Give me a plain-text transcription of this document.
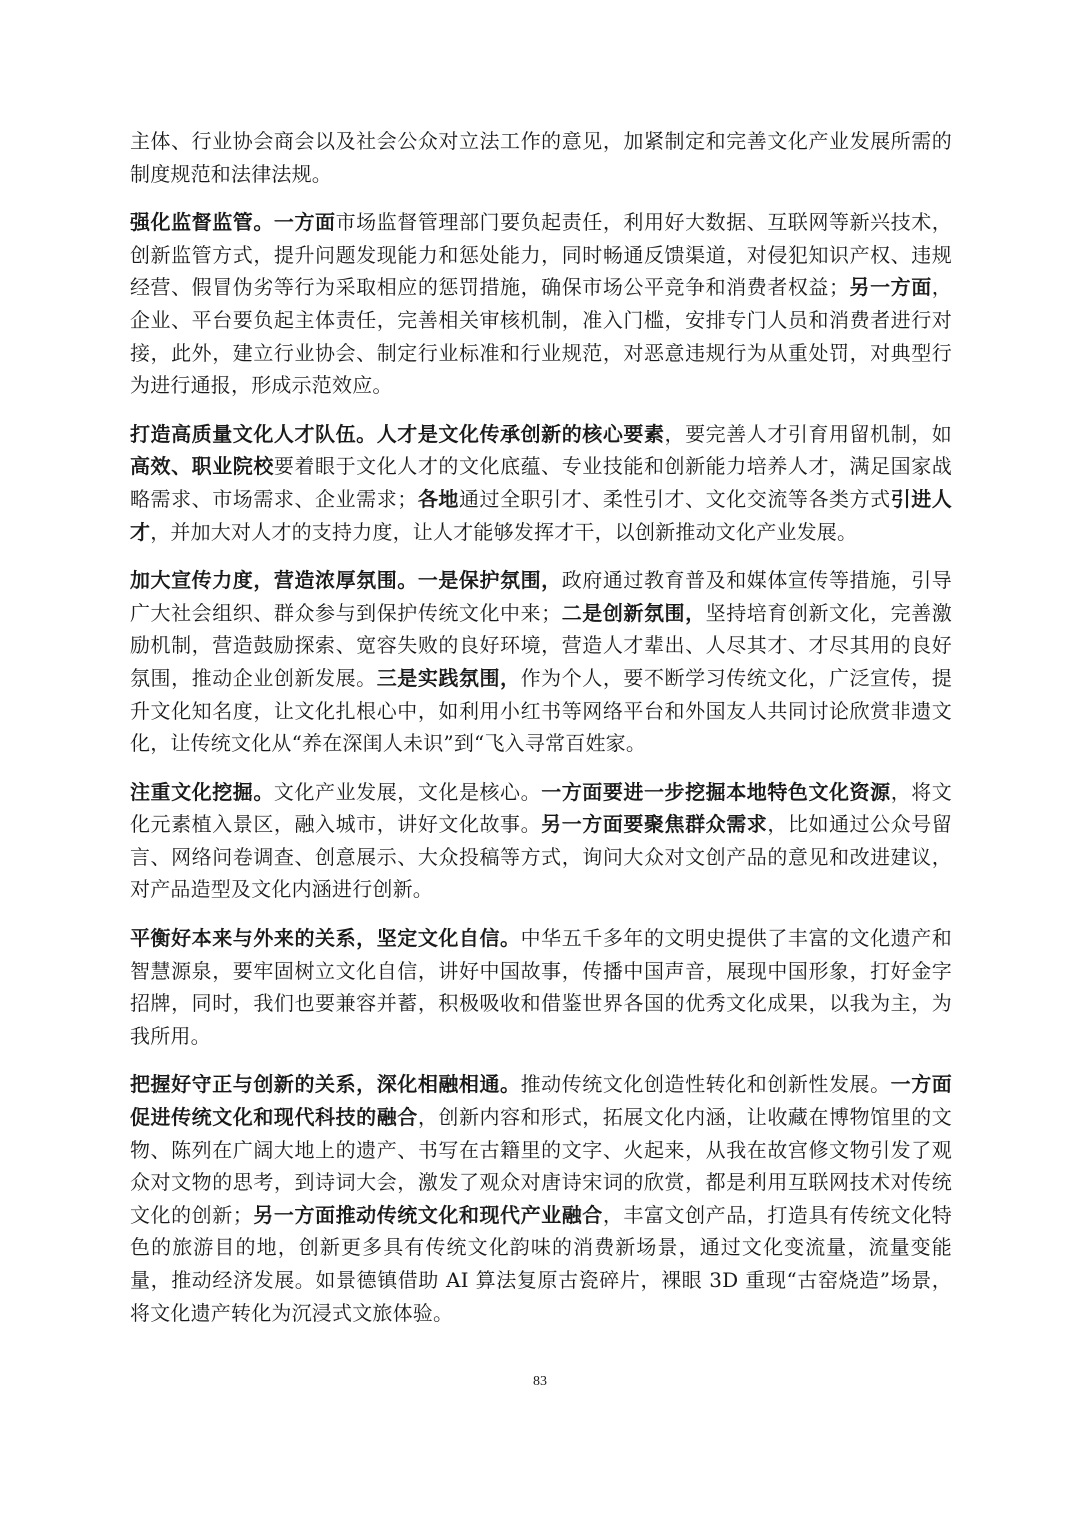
主体、行业协会商会以及社会公众对立法工作的意见，加紧制定和完善文化产业发展所需的制度规范和法律法规。

强化监督监管。一方面市场监督管理部门要负起责任，利用好大数据、互联网等新兴技术，创新监管方式，提升问题发现能力和惩处能力，同时畅通反馈渠道，对侵犯知识产权、违规经营、假冒伪劣等行为采取相应的惩罚措施，确保市场公平竞争和消费者权益；另一方面，企业、平台要负起主体责任，完善相关审核机制，准入门槛，安排专门人员和消费者进行对接，此外，建立行业协会、制定行业标准和行业规范，对恶意违规行为从重处罚，对典型行为进行通报，形成示范效应。

打造高质量文化人才队伍。人才是文化传承创新的核心要素，要完善人才引育用留机制，如高效、职业院校要着眼于文化人才的文化底蕴、专业技能和创新能力培养人才，满足国家战略需求、市场需求、企业需求；各地通过全职引才、柔性引才、文化交流等各类方式引进人才，并加大对人才的支持力度，让人才能够发挥才干，以创新推动文化产业发展。

加大宣传力度，营造浓厚氛围。一是保护氛围，政府通过教育普及和媒体宣传等措施，引导广大社会组织、群众参与到保护传统文化中来；二是创新氛围，坚持培育创新文化，完善激励机制，营造鼓励探索、宽容失败的良好环境，营造人才辈出、人尽其才、才尽其用的良好氛围，推动企业创新发展。三是实践氛围，作为个人，要不断学习传统文化，广泛宣传，提升文化知名度，让文化扎根心中，如利用小红书等网络平台和外国友人共同讨论欣赏非遗文化，让传统文化从“养在深闺人未识”到“飞入寻常百姓家。

注重文化挖掘。文化产业发展，文化是核心。一方面要进一步挖掘本地特色文化资源，将文化元素植入景区，融入城市，讲好文化故事。另一方面要聚焦群众需求，比如通过公众号留言、网络问卷调查、创意展示、大众投稿等方式，询问大众对文创产品的意见和改进建议，对产品造型及文化内涵进行创新。

平衡好本来与外来的关系，坚定文化自信。中华五千多年的文明史提供了丰富的文化遗产和智慧源泉，要牢固树立文化自信，讲好中国故事，传播中国声音，展现中国形象，打好金字招牌，同时，我们也要兼容并蓄，积极吸收和借鉴世界各国的优秀文化成果，以我为主，为我所用。

把握好守正与创新的关系，深化相融相通。推动传统文化创造性转化和创新性发展。一方面促进传统文化和现代科技的融合，创新内容和形式，拓展文化内涵，让收藏在博物馆里的文物、陈列在广阔大地上的遗产、书写在古籍里的文字、火起来，从我在故宫修文物引发了观众对文物的思考，到诗词大会，激发了观众对唐诗宋词的欣赏，都是利用互联网技术对传统文化的创新；另一方面推动传统文化和现代产业融合，丰富文创产品，打造具有传统文化特色的旅游目的地，创新更多具有传统文化韵味的消费新场景，通过文化变流量，流量变能量，推动经济发展。如景德镇借助 AI 算法复原古瓷碎片，裸眼 3D 重现“古窑烧造”场景，将文化遗产转化为沉浸式文旅体验。

83
